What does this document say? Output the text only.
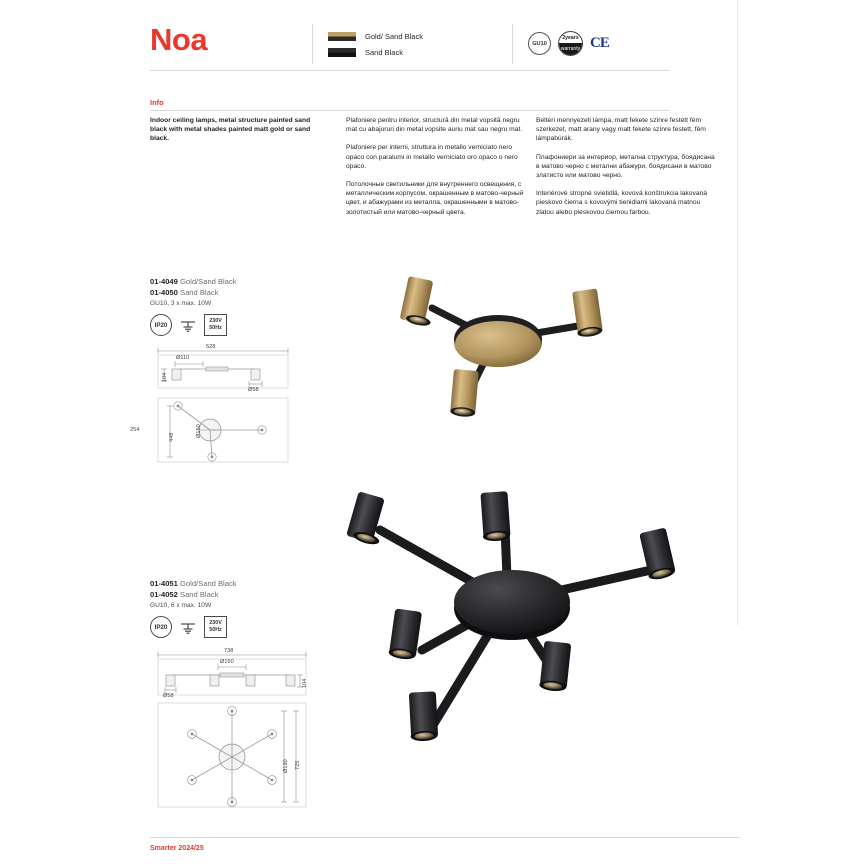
Noa	Gold/ Sand Black
Sand Black
GU10
2years
warranty CE
Info

Indoor ceiling lamps, metal structure painted sand black with metal shades painted matt gold or sand black.

Plafoniere pentru interior, structură din metal vopsită negru mat cu abajururi din metal vopsite auriu mat sau negru mat.

Plafoniere per interni, struttura in metallo verniciato nero opaco con paralumi in metallo verniciato oro opaco o nero opaco.

Потолочные светильники для внутреннего освещения, с металлическим корпусом, окрашенным в матово-черный цвет, и абажурами из металла, окрашенными в матово-золотистый или матово-черный цвета.

Beltéri mennyezeti lámpa, matt fekete színre festett fém szerkezet, matt arany vagy matt fekete színre festett, fém lámpabúrák.

Плафониери за интериор, метална структура, боядисана в матово черно с метални абажури, боядисани в матово златисто или матово черно.

Interiérové stropné svietidlá, kovová konštrukcia lakovaná pieskovo čierna s kovovými tienidlami lakovaná matnou zlatou alebo pieskovou čiernou farbou.

01-4049 Gold/Sand Black
01-4050 Sand Black
GU10, 3 x max. 10W
IP20
230V
50Hz
528
Ø110
Ø58
104
Ø150
448
254
01-4051 Gold/Sand Black
01-4052 Sand Black
GU10, 6 x max. 10W
IP20
230V
50Hz
738
Ø150
Ø58
104
725
Ø190
Smarter 2024/25
